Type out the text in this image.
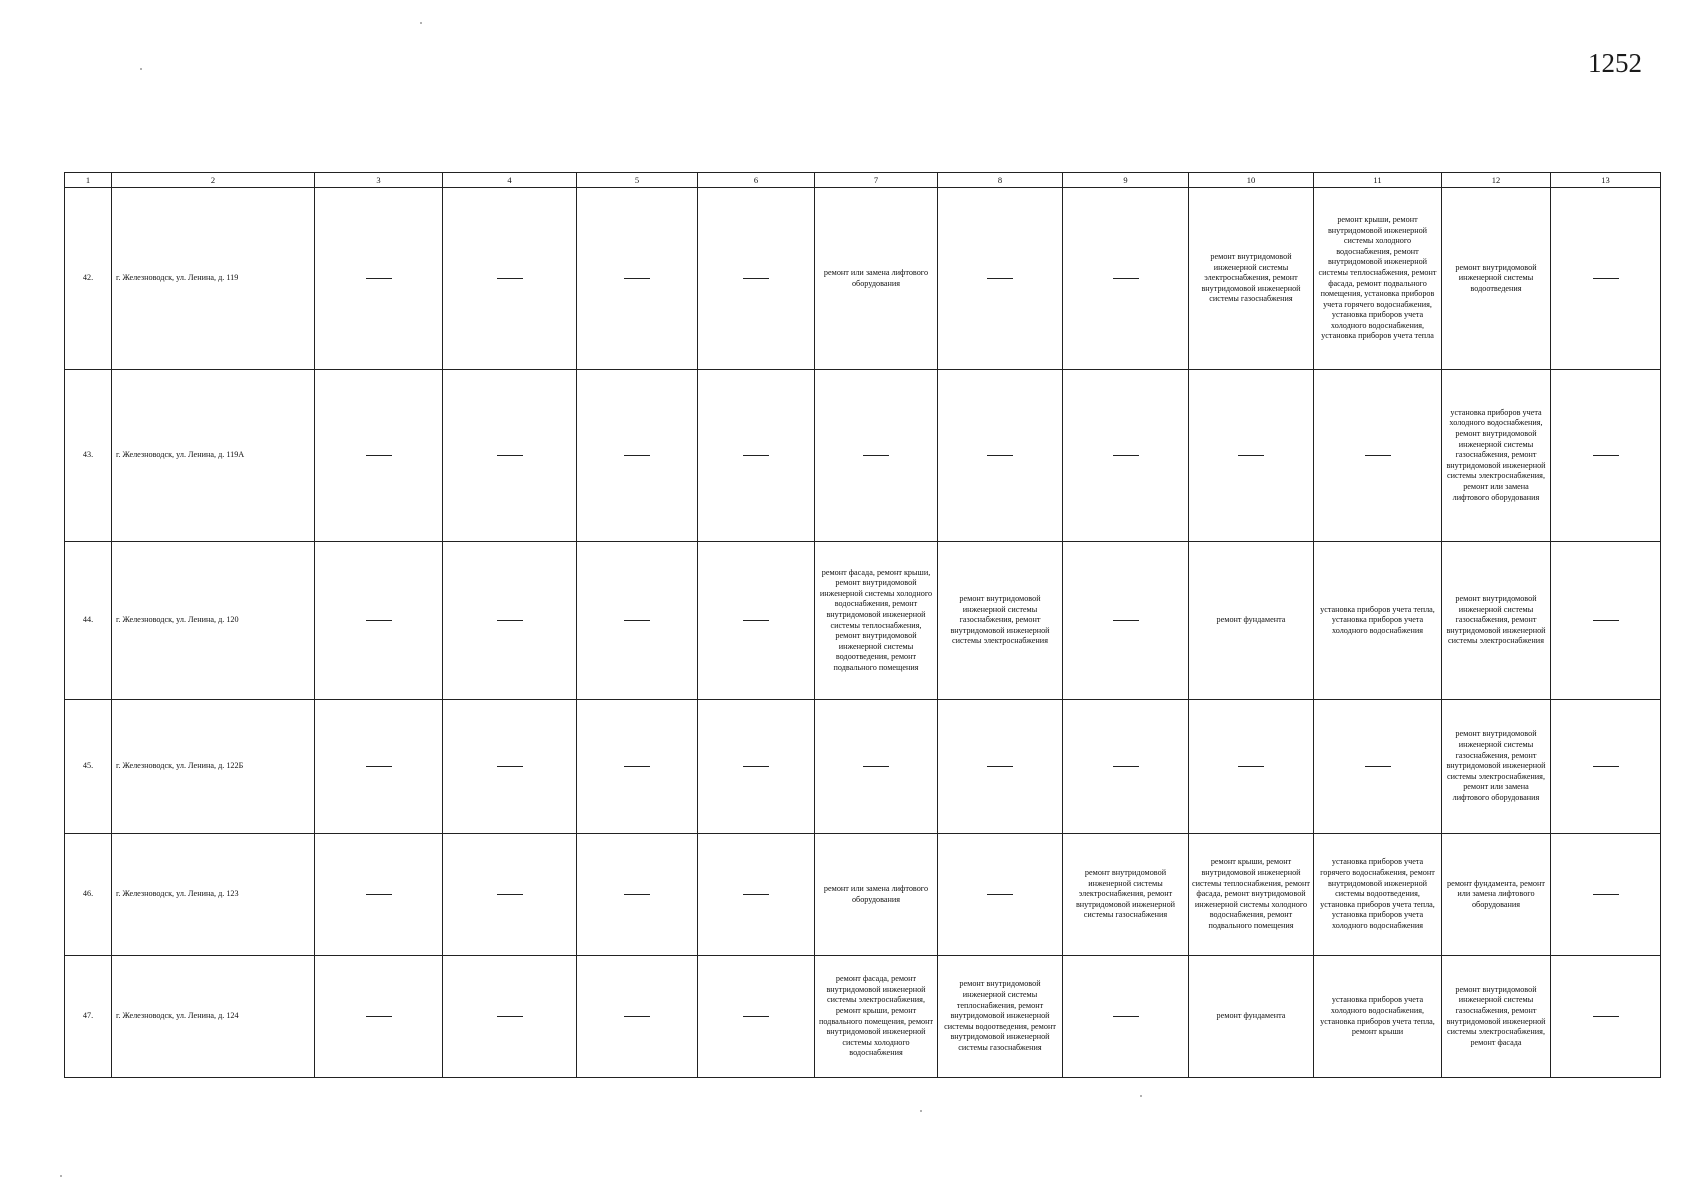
1252
1	2	3	4	5	6	7	8	9	10	11	12	13
42.	г. Железноводск, ул. Ленина, д. 119					ремонт или замена лифтового оборудования			ремонт внутридомовой инженерной системы электроснабжения, ремонт внутридомовой инженерной системы газоснабжения	ремонт крыши, ремонт внутридомовой инженерной системы холодного водоснабжения, ремонт внутридомовой инженерной системы теплоснабжения, ремонт фасада, ремонт подвального помещения, установка приборов учета горячего водоснабжения, установка приборов учета холодного водоснабжения, установка приборов учета тепла	ремонт внутридомовой инженерной системы водоотведения	
43.	г. Железноводск, ул. Ленина, д. 119А										установка приборов учета холодного водоснабжения, ремонт внутридомовой инженерной системы газоснабжения, ремонт внутридомовой инженерной системы электроснабжения, ремонт или замена лифтового оборудования	
44.	г. Железноводск, ул. Ленина, д. 120					ремонт фасада, ремонт крыши, ремонт внутридомовой инженерной системы холодного водоснабжения, ремонт внутридомовой инженерной системы теплоснабжения, ремонт внутридомовой инженерной системы водоотведения, ремонт подвального помещения	ремонт внутридомовой инженерной системы газоснабжения, ремонт внутридомовой инженерной системы электроснабжения		ремонт фундамента	установка приборов учета тепла, установка приборов учета холодного водоснабжения	ремонт внутридомовой инженерной системы газоснабжения, ремонт внутридомовой инженерной системы электроснабжения	
45.	г. Железноводск, ул. Ленина, д. 122Б										ремонт внутридомовой инженерной системы газоснабжения, ремонт внутридомовой инженерной системы электроснабжения, ремонт или замена лифтового оборудования	
46.	г. Железноводск, ул. Ленина, д. 123					ремонт или замена лифтового оборудования		ремонт внутридомовой инженерной системы электроснабжения, ремонт внутридомовой инженерной системы газоснабжения	ремонт крыши, ремонт внутридомовой инженерной системы теплоснабжения, ремонт фасада, ремонт внутридомовой инженерной системы холодного водоснабжения, ремонт подвального помещения	установка приборов учета горячего водоснабжения, ремонт внутридомовой инженерной системы водоотведения, установка приборов учета тепла, установка приборов учета холодного водоснабжения	ремонт фундамента, ремонт или замена лифтового оборудования	
47.	г. Железноводск, ул. Ленина, д. 124					ремонт фасада, ремонт внутридомовой инженерной системы электроснабжения, ремонт крыши, ремонт подвального помещения, ремонт внутридомовой инженерной системы холодного водоснабжения	ремонт внутридомовой инженерной системы теплоснабжения, ремонт внутридомовой инженерной системы водоотведения, ремонт внутридомовой инженерной системы газоснабжения		ремонт фундамента	установка приборов учета холодного водоснабжения, установка приборов учета тепла, ремонт крыши	ремонт внутридомовой инженерной системы газоснабжения, ремонт внутридомовой инженерной системы электроснабжения, ремонт фасада	
